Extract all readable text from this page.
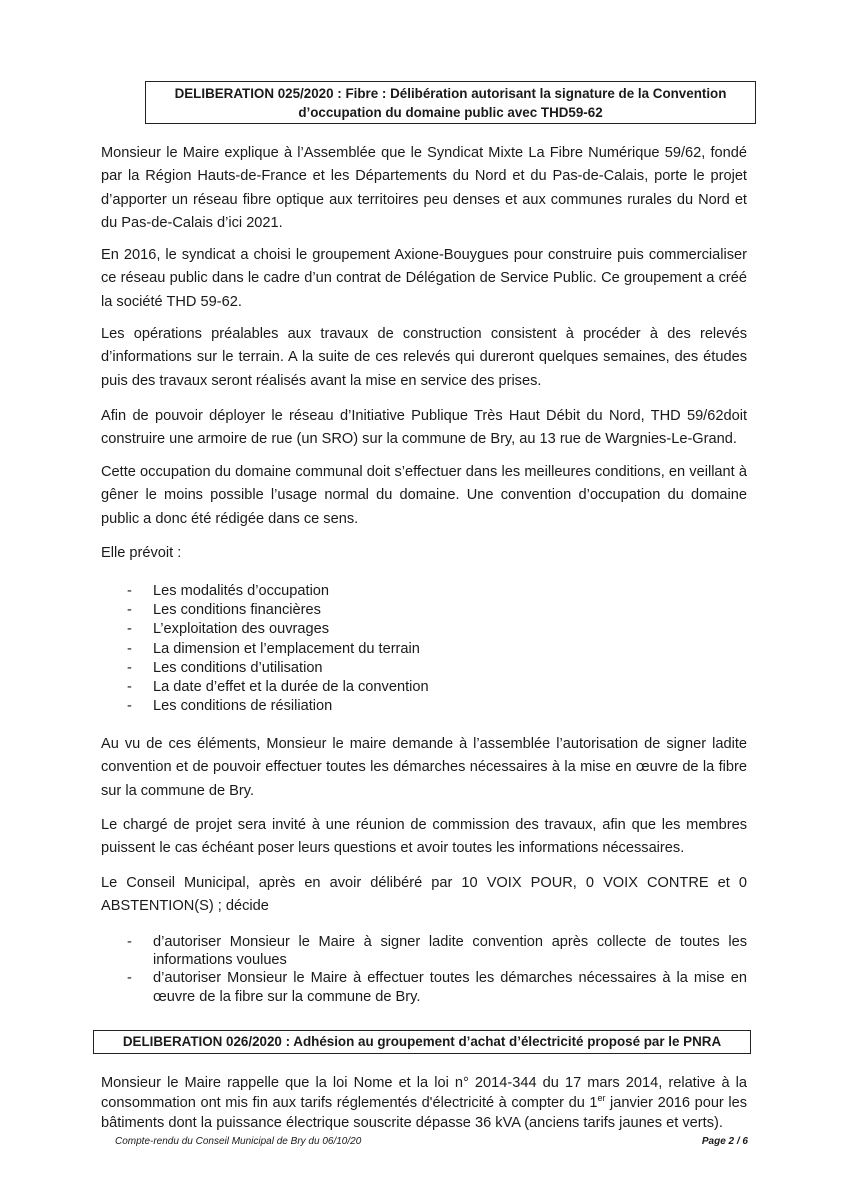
DELIBERATION 025/2020 : Fibre : Délibération autorisant la signature de la Convention
d’occupation du domaine public avec THD59-62

Monsieur le Maire explique à l’Assemblée que le Syndicat Mixte La Fibre Numérique 59/62, fondé par la Région Hauts-de-France et les Départements du Nord et du Pas-de-Calais, porte le projet d’apporter un réseau fibre optique aux territoires peu denses et aux communes rurales du Nord et du Pas-de-Calais d’ici 2021.

En 2016, le syndicat a choisi le groupement Axione-Bouygues pour construire puis commercialiser ce réseau public dans le cadre d’un contrat de Délégation de Service Public. Ce groupement a créé la société THD 59-62.

Les opérations préalables aux travaux de construction consistent à procéder à des relevés d’informations sur le terrain. A la suite de ces relevés qui dureront quelques semaines, des études puis des travaux seront réalisés avant la mise en service des prises.

Afin de pouvoir déployer le réseau d’Initiative Publique Très Haut Débit du Nord, THD 59/62doit construire une armoire de rue (un SRO) sur la commune de Bry, au 13 rue de Wargnies-Le-Grand.

Cette occupation du domaine communal doit s’effectuer dans les meilleures conditions, en veillant à gêner le moins possible l’usage normal du domaine. Une convention d’occupation du domaine public a donc été rédigée dans ce sens.

Elle prévoit :

- Les modalités d’occupation
- Les conditions financières
- L’exploitation des ouvrages
- La dimension et l’emplacement du terrain
- Les conditions d’utilisation
- La date d’effet et la durée de la convention
- Les conditions de résiliation

Au vu de ces éléments, Monsieur le maire demande à l’assemblée l’autorisation de signer ladite convention et de pouvoir effectuer toutes les démarches nécessaires à la mise en œuvre de la fibre sur la commune de Bry.

Le chargé de projet sera invité à une réunion de commission des travaux, afin que les membres puissent le cas échéant poser leurs questions et avoir toutes les informations nécessaires.

Le Conseil Municipal, après en avoir délibéré par 10 VOIX POUR, 0 VOIX CONTRE et 0 ABSTENTION(S) ; décide

- d’autoriser Monsieur le Maire à signer ladite convention après collecte de toutes les informations voulues
- d’autoriser Monsieur le Maire à effectuer toutes les démarches nécessaires à la mise en œuvre de la fibre sur la commune de Bry.
DELIBERATION 026/2020 : Adhésion au groupement d’achat d’électricité proposé par le PNRA

Monsieur le Maire rappelle que la loi Nome et la loi n° 2014-344 du 17 mars 2014, relative à la consommation ont mis fin aux tarifs réglementés d'électricité à compter du 1er janvier 2016 pour les bâtiments dont la puissance électrique souscrite dépasse 36 kVA (anciens tarifs jaunes et verts).

Compte-rendu du Conseil Municipal de Bry du 06/10/20	Page 2 / 6
